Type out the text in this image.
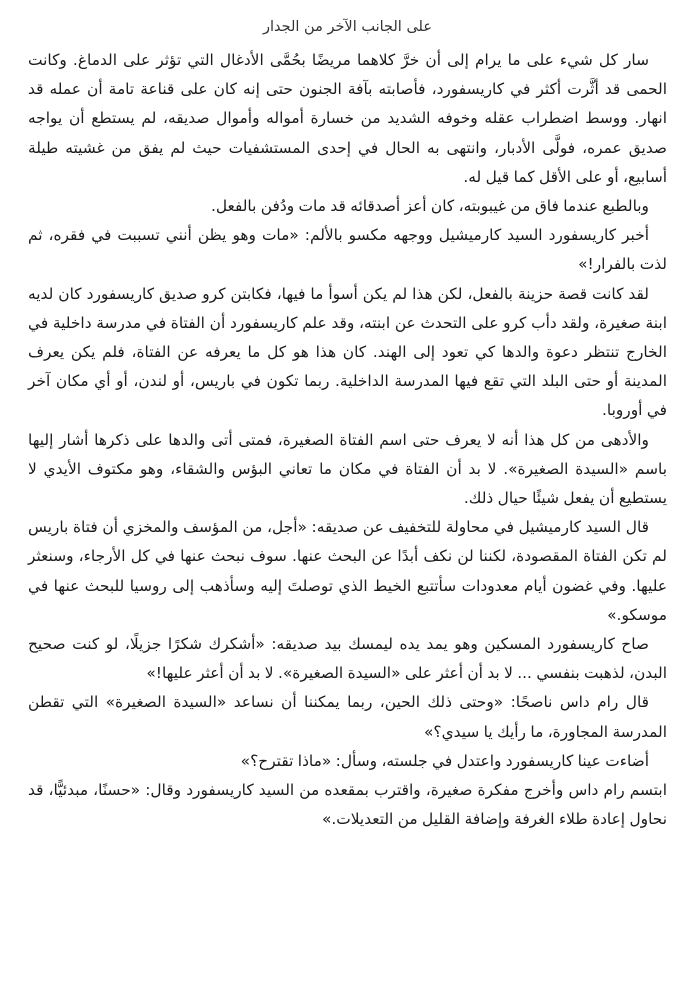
على الجانب الآخر من الجدار

سار كل شيء على ما يرام إلى أن خرَّ كلاهما مريضًا بحُمَّى الأدغال التي تؤثر على الدماغ. وكانت الحمى قد أثَّرت أكثر في كاريسفورد، فأصابته بآفة الجنون حتى إنه كان على قناعة تامة أن عمله قد انهار. ووسط اضطراب عقله وخوفه الشديد من خسارة أمواله وأموال صديقه، لم يستطع أن يواجه صديق عمره، فولَّى الأدبار، وانتهى به الحال في إحدى المستشفيات حيث لم يفق من غشيته طيلة أسابيع، أو على الأقل كما قيل له.

وبالطبع عندما فاق من غيبوبته، كان أعز أصدقائه قد مات ودُفن بالفعل.

أخبر كاريسفورد السيد كارميشيل ووجهه مكسو بالألم: «مات وهو يظن أنني تسببت في فقره، ثم لذت بالفرار!»

لقد كانت قصة حزينة بالفعل، لكن هذا لم يكن أسوأ ما فيها، فكابتن كرو صديق كاريسفورد كان لديه ابنة صغيرة، ولقد دأب كرو على التحدث عن ابنته، وقد علم كاريسفورد أن الفتاة في مدرسة داخلية في الخارج تنتظر دعوة والدها كي تعود إلى الهند. كان هذا هو كل ما يعرفه عن الفتاة، فلم يكن يعرف المدينة أو حتى البلد التي تقع فيها المدرسة الداخلية. ربما تكون في باريس، أو لندن، أو أي مكان آخر في أوروبا.

والأدهى من كل هذا أنه لا يعرف حتى اسم الفتاة الصغيرة، فمتى أتى والدها على ذكرها أشار إليها باسم «السيدة الصغيرة». لا بد أن الفتاة في مكان ما تعاني البؤس والشقاء، وهو مكتوف الأيدي لا يستطيع أن يفعل شيئًا حيال ذلك.

قال السيد كارميشيل في محاولة للتخفيف عن صديقه: «أجل، من المؤسف والمخزي أن فتاة باريس لم تكن الفتاة المقصودة، لكننا لن نكف أبدًا عن البحث عنها. سوف نبحث عنها في كل الأرجاء، وسنعثر عليها. وفي غضون أيام معدودات سأتتبع الخيط الذي توصلتَ إليه وسأذهب إلى روسيا للبحث عنها في موسكو.»

صاح كاريسفورد المسكين وهو يمد يده ليمسك بيد صديقه: «أشكرك شكرًا جزيلًا، لو كنت صحيح البدن، لذهبت بنفسي ... لا بد أن أعثر على «السيدة الصغيرة». لا بد أن أعثر عليها!»

قال رام داس ناصحًا: «وحتى ذلك الحين، ربما يمكننا أن نساعد «السيدة الصغيرة» التي تقطن المدرسة المجاورة، ما رأيك يا سيدي؟»

أضاءت عينا كاريسفورد واعتدل في جلسته، وسأل: «ماذا تقترح؟»

ابتسم رام داس وأخرج مفكرة صغيرة، واقترب بمقعده من السيد كاريسفورد وقال: «حسنًا، مبدئيًّا، قد نحاول إعادة طلاء الغرفة وإضافة القليل من التعديلات.»
